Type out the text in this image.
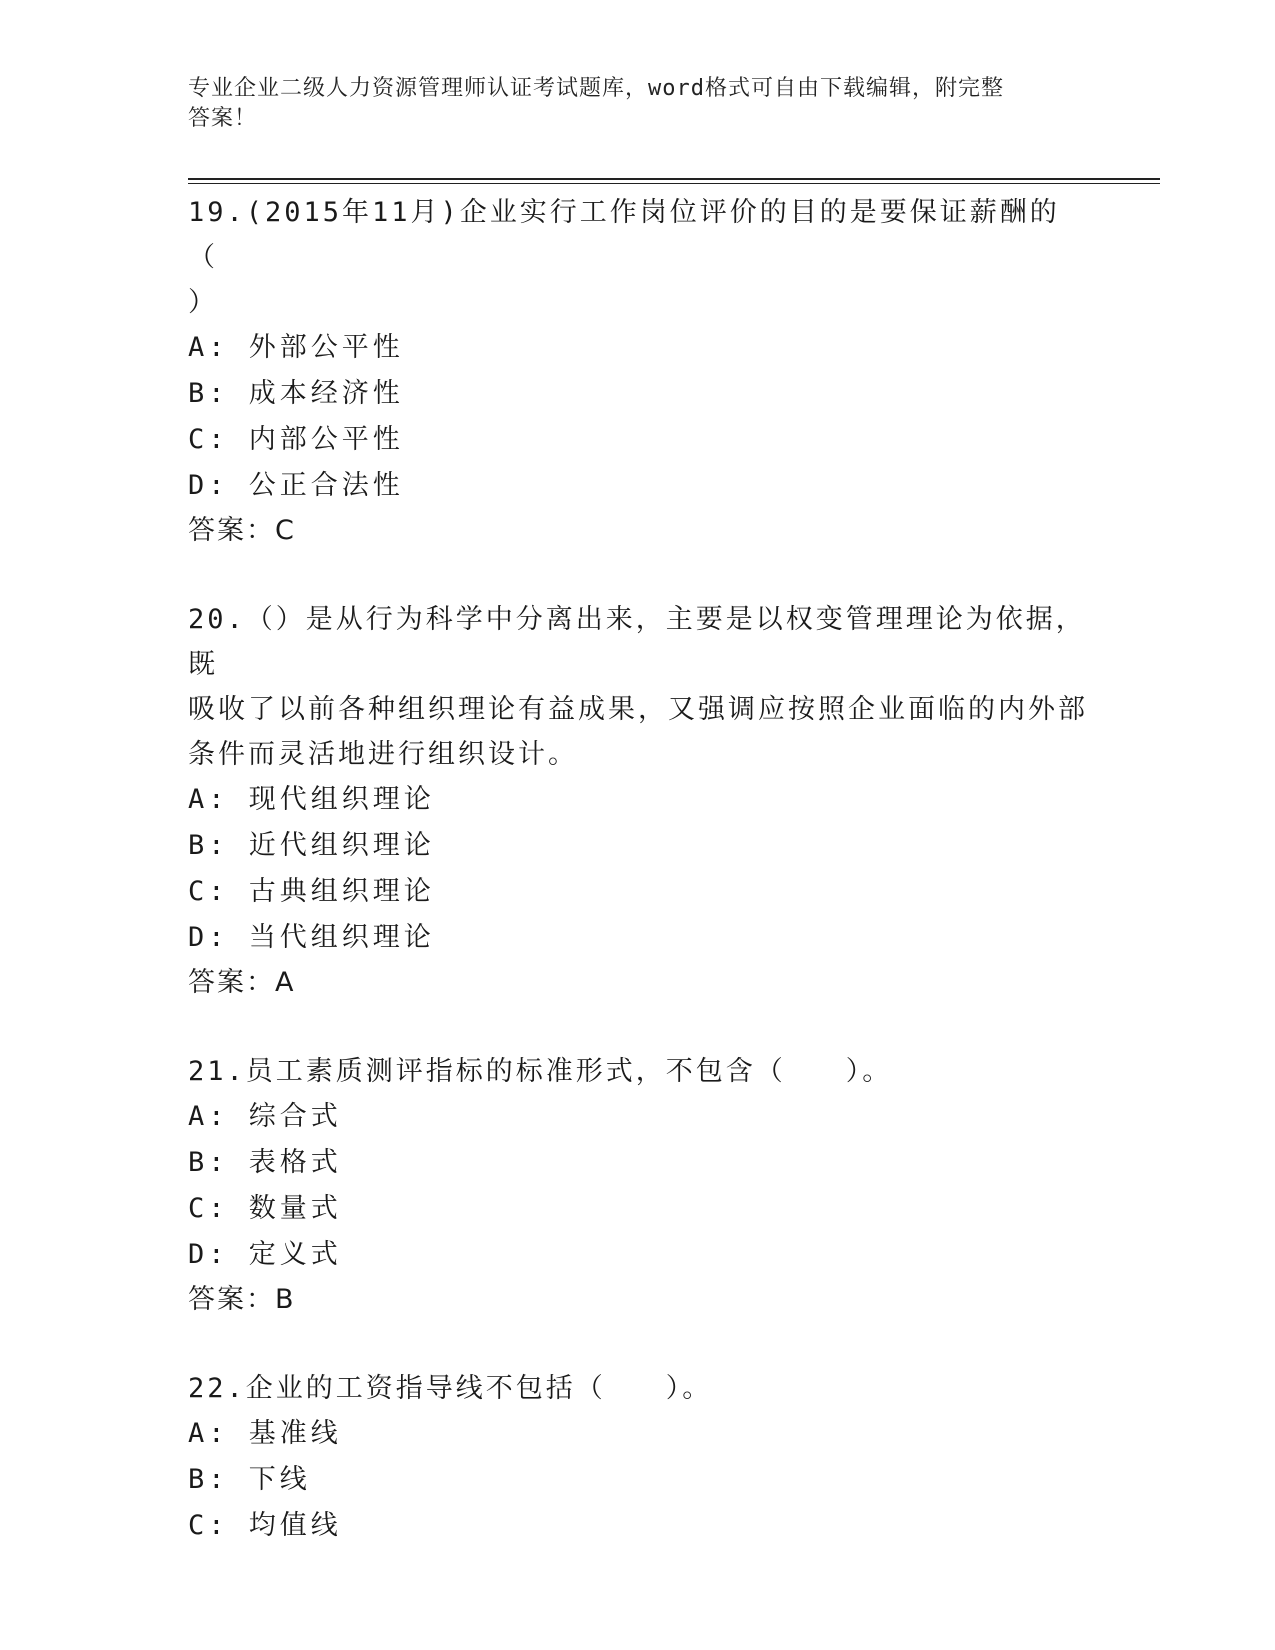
专业企业二级人力资源管理师认证考试题库，word格式可自由下载编辑，附完整
答案！

19.(2015年11月)企业实行工作岗位评价的目的是要保证薪酬的 （

）

A: 外部公平性

B: 成本经济性

C: 内部公平性

D: 公正合法性

答案：C

20.（）是从行为科学中分离出来，主要是以权变管理理论为依据，既

吸收了以前各种组织理论有益成果，又强调应按照企业面临的内外部

条件而灵活地进行组织设计。

A: 现代组织理论

B: 近代组织理论

C: 古典组织理论

D: 当代组织理论

答案：A

21.员工素质测评指标的标准形式，不包含（　　）。

A: 综合式

B: 表格式

C: 数量式

D: 定义式

答案：B

22.企业的工资指导线不包括（　　）。

A: 基准线

B: 下线

C: 均值线
